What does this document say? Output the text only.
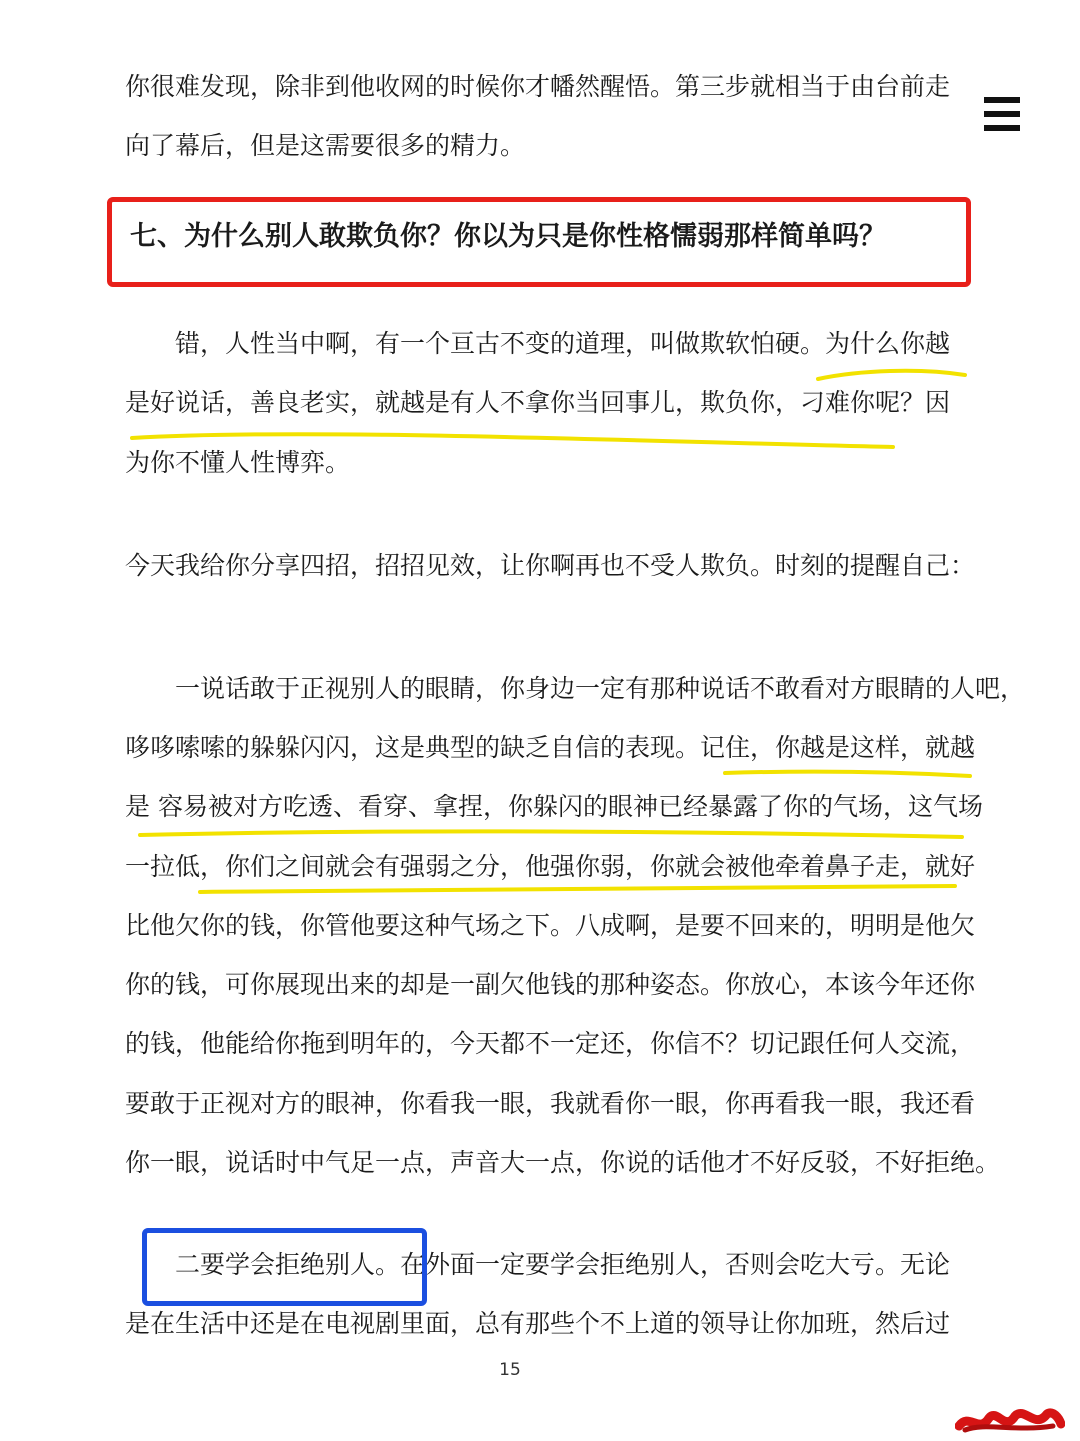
你很难发现，除非到他收网的时候你才幡然醒悟。第三步就相当于由台前走
向了幕后，但是这需要很多的精力。
七、为什么别人敢欺负你？你以为只是你性格懦弱那样简单吗？
　　错，人性当中啊，有一个亘古不变的道理，叫做欺软怕硬。为什么你越
是好说话，善良老实，就越是有人不拿你当回事儿，欺负你，刁难你呢？因
为你不懂人性博弈。
今天我给你分享四招，招招见效，让你啊再也不受人欺负。时刻的提醒自己：
　　一说话敢于正视别人的眼睛，你身边一定有那种说话不敢看对方眼睛的人吧，
哆哆嗦嗦的躲躲闪闪，这是典型的缺乏自信的表现。记住，你越是这样，就越
是 容易被对方吃透、看穿、拿捏，你躲闪的眼神已经暴露了你的气场，这气场
一拉低，你们之间就会有强弱之分，他强你弱，你就会被他牵着鼻子走，就好
比他欠你的钱，你管他要这种气场之下。八成啊，是要不回来的，明明是他欠
你的钱，可你展现出来的却是一副欠他钱的那种姿态。你放心，本该今年还你
的钱，他能给你拖到明年的，今天都不一定还，你信不？切记跟任何人交流，
要敢于正视对方的眼神，你看我一眼，我就看你一眼，你再看我一眼，我还看
你一眼，说话时中气足一点，声音大一点，你说的话他才不好反驳，不好拒绝。
　　二要学会拒绝别人。在外面一定要学会拒绝别人，否则会吃大亏。无论
是在生活中还是在电视剧里面，总有那些个不上道的领导让你加班，然后过
15
